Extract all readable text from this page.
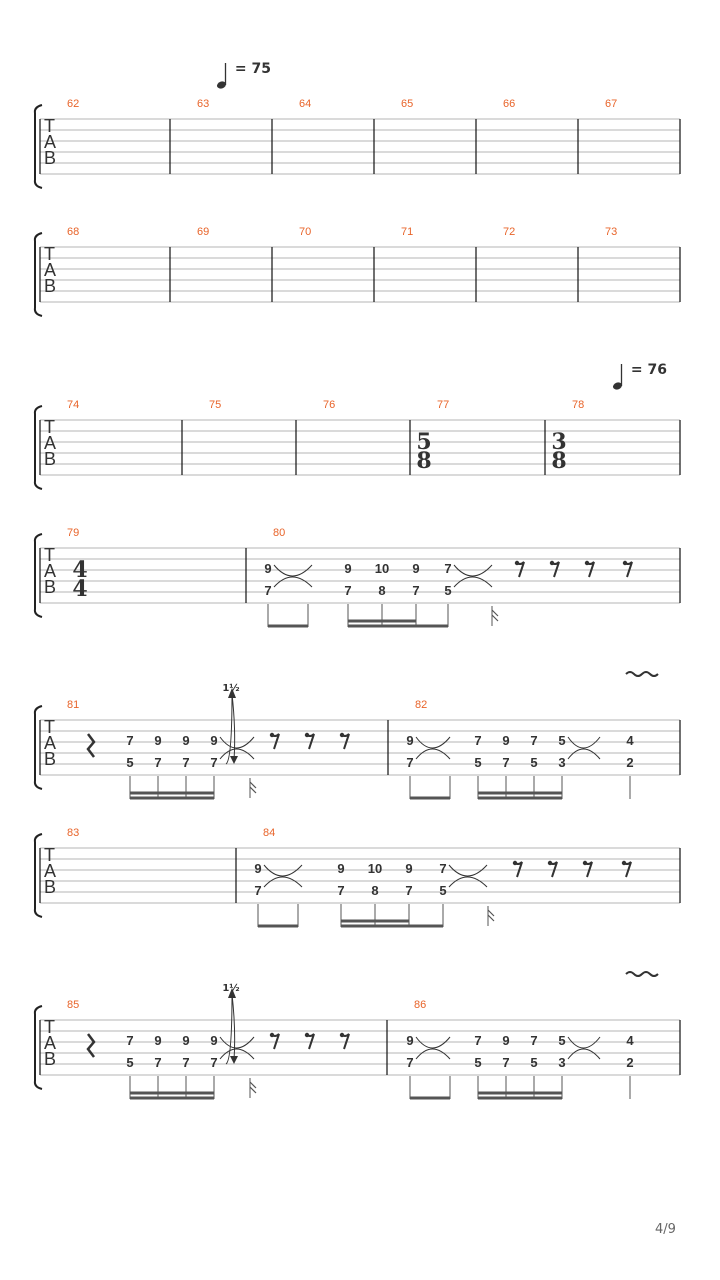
T
A
B
62	63	64	65	66	67
T
A
B
68	69	70	71	72	73
T
A
B
74	75	76	77
5
8
78
3
8
T
A
B
79
4
4
80
9
7
9
7
10
8
9
7
7
5
T
A
B
81
7
5
9
7
9
7
9
7
1½
82
9
7
7
5
9
7
7
5
5
3
4
2
T
A
B
83	84
9
7
9
7
10
8
9
7
7
5
T
A
B
85
7
5
9
7
9
7
9
7
1½
86
9
7
7
5
9
7
7
5
5
3
4
2
= 75
= 76
4/9
